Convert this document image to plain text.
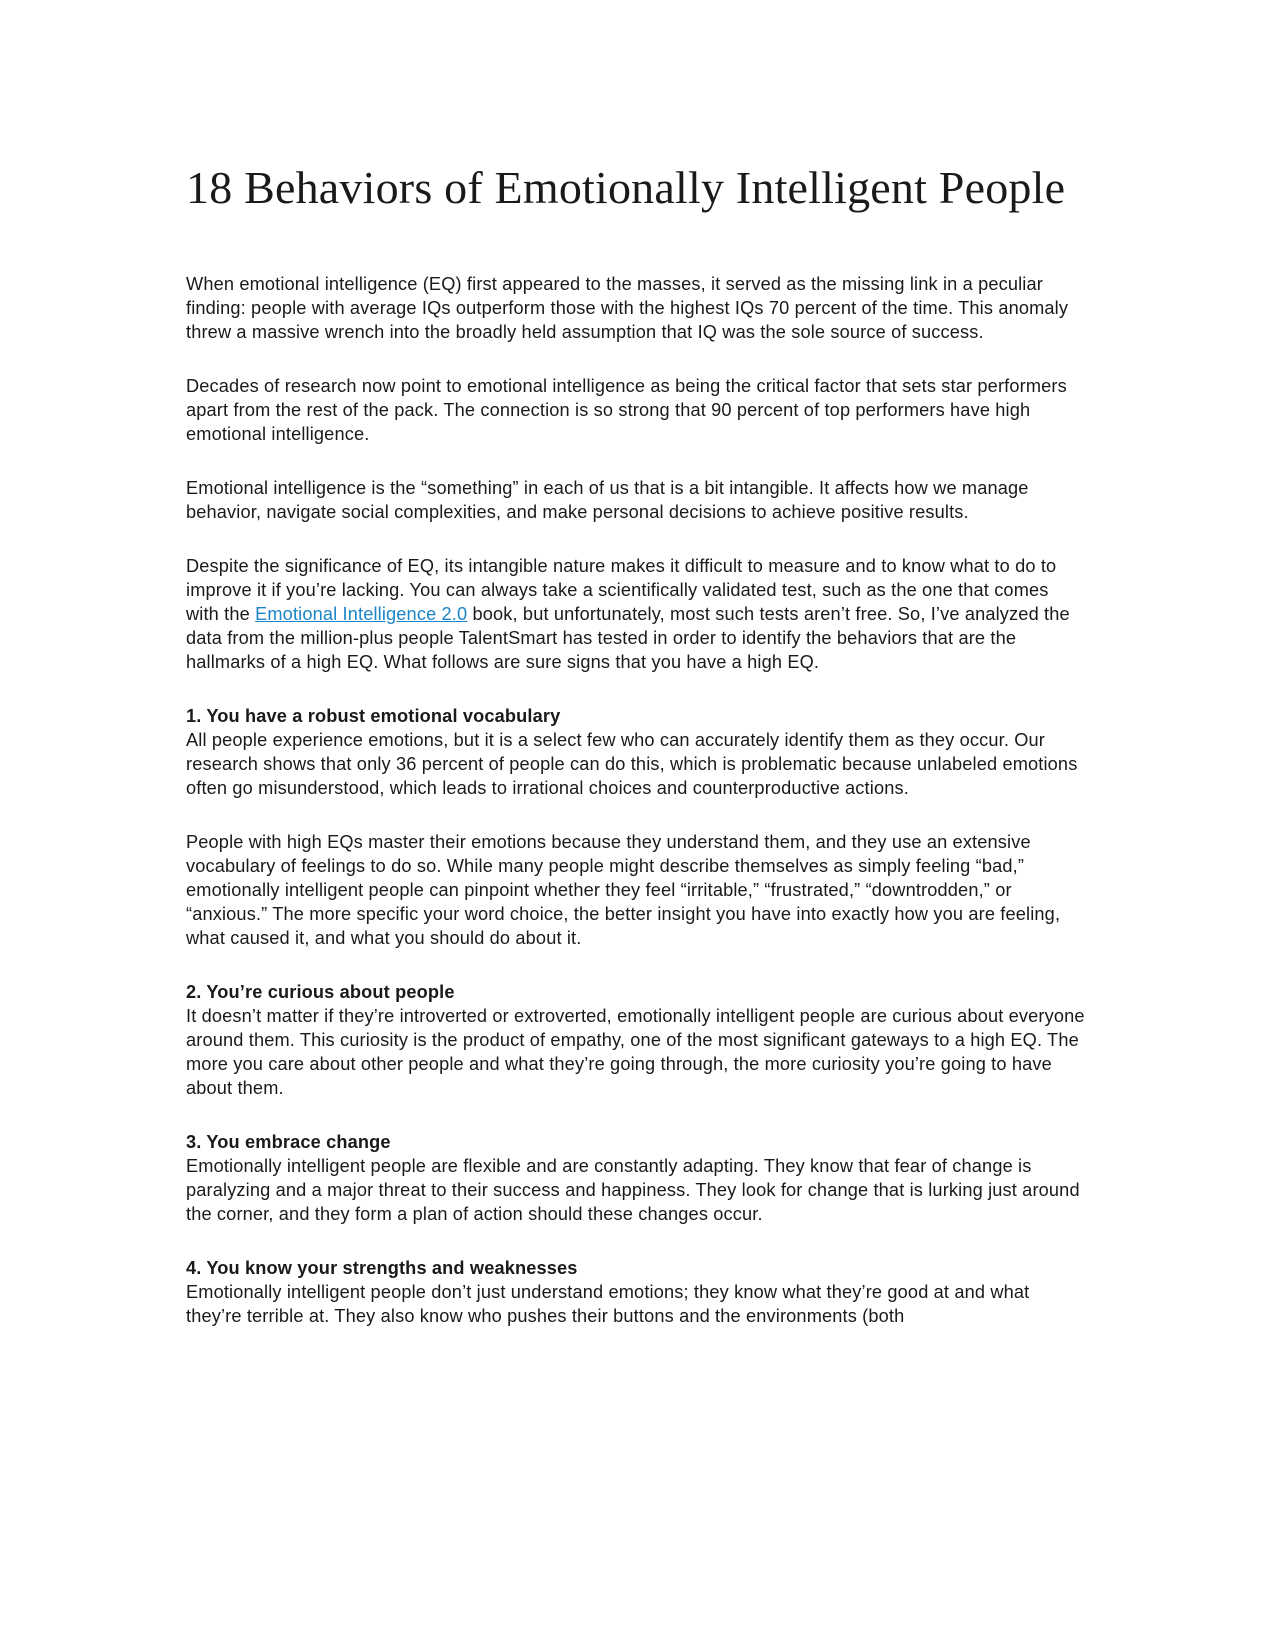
18 Behaviors of Emotionally Intelligent People

When emotional intelligence (EQ) first appeared to the masses, it served as the missing link in a peculiar finding: people with average IQs outperform those with the highest IQs 70 percent of the time. This anomaly threw a massive wrench into the broadly held assumption that IQ was the sole source of success.

Decades of research now point to emotional intelligence as being the critical factor that sets star performers apart from the rest of the pack. The connection is so strong that 90 percent of top performers have high emotional intelligence.

Emotional intelligence is the “something” in each of us that is a bit intangible. It affects how we manage behavior, navigate social complexities, and make personal decisions to achieve positive results.

Despite the significance of EQ, its intangible nature makes it difficult to measure and to know what to do to improve it if you’re lacking. You can always take a scientifically validated test, such as the one that comes with the Emotional Intelligence 2.0 book, but unfortunately, most such tests aren’t free. So, I’ve analyzed the data from the million-plus people TalentSmart has tested in order to identify the behaviors that are the hallmarks of a high EQ. What follows are sure signs that you have a high EQ.

1. You have a robust emotional vocabulary

All people experience emotions, but it is a select few who can accurately identify them as they occur. Our research shows that only 36 percent of people can do this, which is problematic because unlabeled emotions often go misunderstood, which leads to irrational choices and counterproductive actions.

People with high EQs master their emotions because they understand them, and they use an extensive vocabulary of feelings to do so. While many people might describe themselves as simply feeling “bad,” emotionally intelligent people can pinpoint whether they feel “irritable,” “frustrated,” “downtrodden,” or “anxious.” The more specific your word choice, the better insight you have into exactly how you are feeling, what caused it, and what you should do about it.

2. You’re curious about people

It doesn’t matter if they’re introverted or extroverted, emotionally intelligent people are curious about everyone around them. This curiosity is the product of empathy, one of the most significant gateways to a high EQ. The more you care about other people and what they’re going through, the more curiosity you’re going to have about them.

3. You embrace change

Emotionally intelligent people are flexible and are constantly adapting. They know that fear of change is paralyzing and a major threat to their success and happiness. They look for change that is lurking just around the corner, and they form a plan of action should these changes occur.

4. You know your strengths and weaknesses

Emotionally intelligent people don’t just understand emotions; they know what they’re good at and what they’re terrible at. They also know who pushes their buttons and the environments (both
